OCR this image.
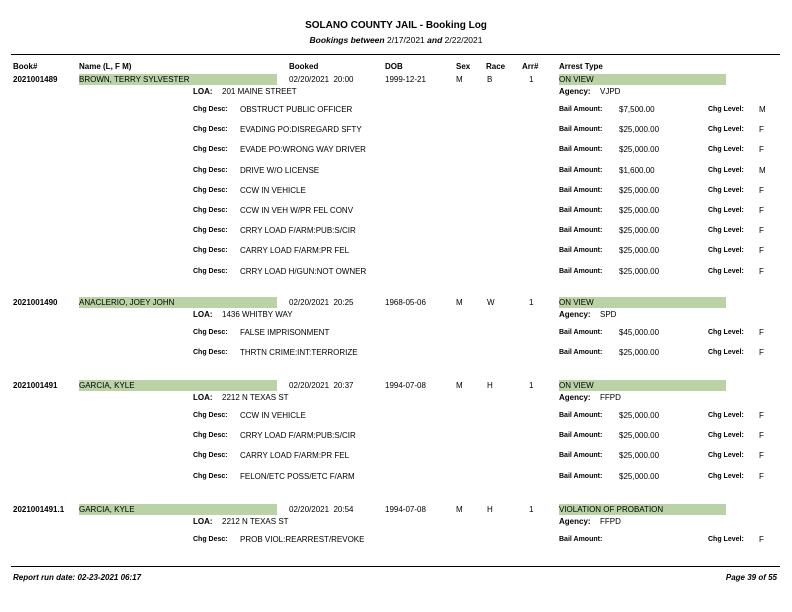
SOLANO COUNTY JAIL - Booking Log
Bookings between 2/17/2021 and 2/22/2021
Book#	Name (L, F M)	Booked	DOB	Sex Race Arr#	Arrest Type
2021001489	BROWN, TERRY SYLVESTER	02/20/2021  20:00	1999-12-21	M	B	1	ON VIEW
LOA: 201 MAINE STREET	Agency: VJPD
Chg Desc: OBSTRUCT PUBLIC OFFICER	Bail Amount: $7,500.00	Chg Level: M
Chg Desc: EVADING PO:DISREGARD SFTY	Bail Amount: $25,000.00	Chg Level: F
Chg Desc: EVADE PO:WRONG WAY DRIVER	Bail Amount: $25,000.00	Chg Level: F
Chg Desc: DRIVE W/O LICENSE	Bail Amount: $1,600.00	Chg Level: M
Chg Desc: CCW IN VEHICLE	Bail Amount: $25,000.00	Chg Level: F
Chg Desc: CCW IN VEH W/PR FEL CONV	Bail Amount: $25,000.00	Chg Level: F
Chg Desc: CRRY LOAD F/ARM:PUB:S/CIR	Bail Amount: $25,000.00	Chg Level: F
Chg Desc: CARRY LOAD F/ARM:PR FEL	Bail Amount: $25,000.00	Chg Level: F
Chg Desc: CRRY LOAD H/GUN:NOT OWNER	Bail Amount: $25,000.00	Chg Level: F
2021001490	ANACLERIO, JOEY JOHN	02/20/2021  20:25	1968-05-06	M	W	1	ON VIEW
LOA: 1436 WHITBY WAY	Agency: SPD
Chg Desc: FALSE IMPRISONMENT	Bail Amount: $45,000.00	Chg Level: F
Chg Desc: THRTN CRIME:INT:TERRORIZE	Bail Amount: $25,000.00	Chg Level: F
2021001491	GARCIA, KYLE	02/20/2021  20:37	1994-07-08	M	H	1	ON VIEW
LOA: 2212 N TEXAS ST	Agency: FFPD
Chg Desc: CCW IN VEHICLE	Bail Amount: $25,000.00	Chg Level: F
Chg Desc: CRRY LOAD F/ARM:PUB:S/CIR	Bail Amount: $25,000.00	Chg Level: F
Chg Desc: CARRY LOAD F/ARM:PR FEL	Bail Amount: $25,000.00	Chg Level: F
Chg Desc: FELON/ETC POSS/ETC F/ARM	Bail Amount: $25,000.00	Chg Level: F
2021001491.1 GARCIA, KYLE	02/20/2021  20:54	1994-07-08	M	H	1	VIOLATION OF PROBATION
LOA: 2212 N TEXAS ST	Agency: FFPD
Chg Desc: PROB VIOL:REARREST/REVOKE	Bail Amount:	Chg Level: F
Report run date: 02-23-2021 06:17	Page 39 of 55
